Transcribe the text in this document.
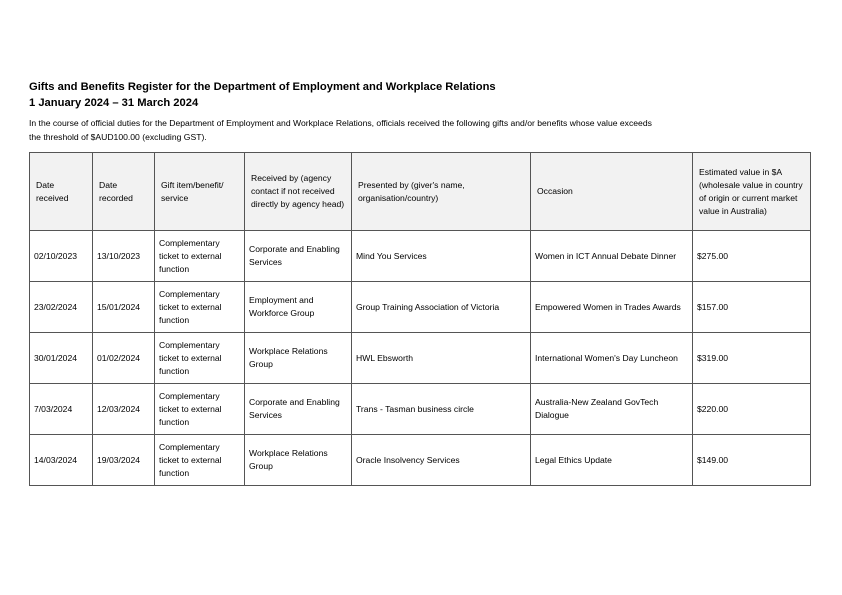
Gifts and Benefits Register for the Department of Employment and Workplace Relations
1 January 2024 – 31 March 2024
In the course of official duties for the Department of Employment and Workplace Relations, officials received the following gifts and/or benefits whose value exceeds
the threshold of $AUD100.00 (excluding GST).
Date received	Date recorded	Gift item/benefit/ service	Received by (agency contact if not received directly by agency head)	Presented by (giver's name, organisation/country)	Occasion	Estimated value in $A (wholesale value in country of origin or current market value in Australia)
02/10/2023	13/10/2023	Complementary ticket to external function	Corporate and Enabling Services	Mind You Services	Women in ICT Annual Debate Dinner	$275.00
23/02/2024	15/01/2024	Complementary ticket to external function	Employment and Workforce Group	Group Training Association of Victoria	Empowered Women in Trades Awards	$157.00
30/01/2024	01/02/2024	Complementary ticket to external function	Workplace Relations Group	HWL Ebsworth	International Women's Day Luncheon	$319.00
7/03/2024	12/03/2024	Complementary ticket to external function	Corporate and Enabling Services	Trans - Tasman business circle	Australia-New Zealand GovTech Dialogue	$220.00
14/03/2024	19/03/2024	Complementary ticket to external function	Workplace Relations Group	Oracle Insolvency Services	Legal Ethics Update	$149.00
